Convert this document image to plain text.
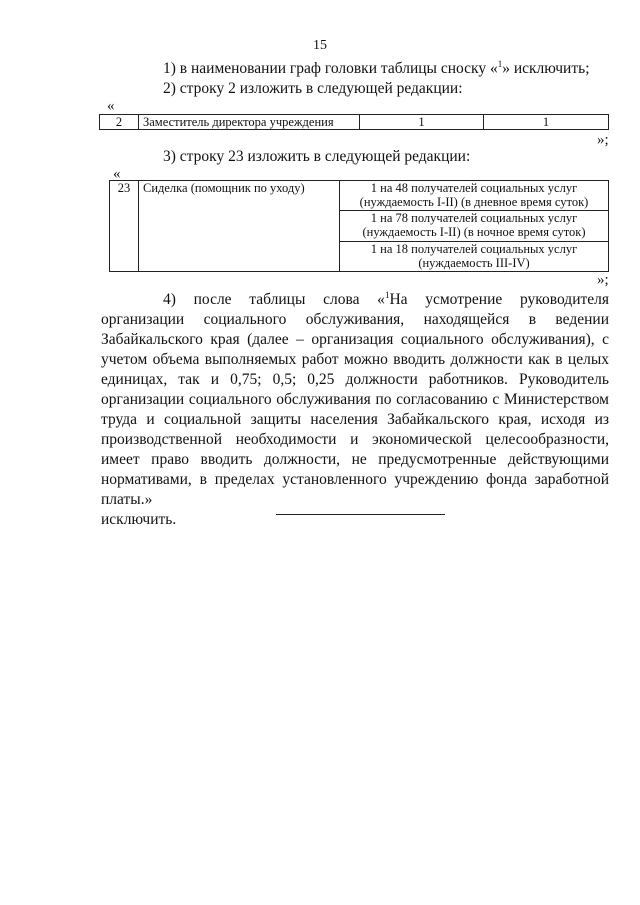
15
1) в наименовании граф головки таблицы сноску «$^1$» исключить;
2) строку 2 изложить в следующей редакции:
«
2	Заместитель директора учреждения	1	1
»;
3) строку 23 изложить в следующей редакции:
«
23	Сиделка (помощник по уходу)	1 на 48 получателей социальных услуг
(нуждаемость I-II) (в дневное время суток)

1 на 78 получателей социальных услуг
(нуждаемость I-II) (в ночное время суток)

1 на 18 получателей социальных услуг
(нуждаемость III-IV)
»;
4) после таблицы слова «$^1$На усмотрение руководителя организации социального обслуживания, находящейся в ведении Забайкальского края (далее – организация социального обслуживания), с учетом объема выполняемых работ можно вводить должности как в целых единицах, так и 0,75; 0,5; 0,25 должности работников. Руководитель организации социального обслуживания по согласованию с Министерством труда и социальной защиты населения Забайкальского края, исходя из производственной необходимости и экономической целесообразности, имеет право вводить должности, не предусмотренные действующими нормативами, в пределах установленного учреждению фонда заработной платы.»
исключить.
